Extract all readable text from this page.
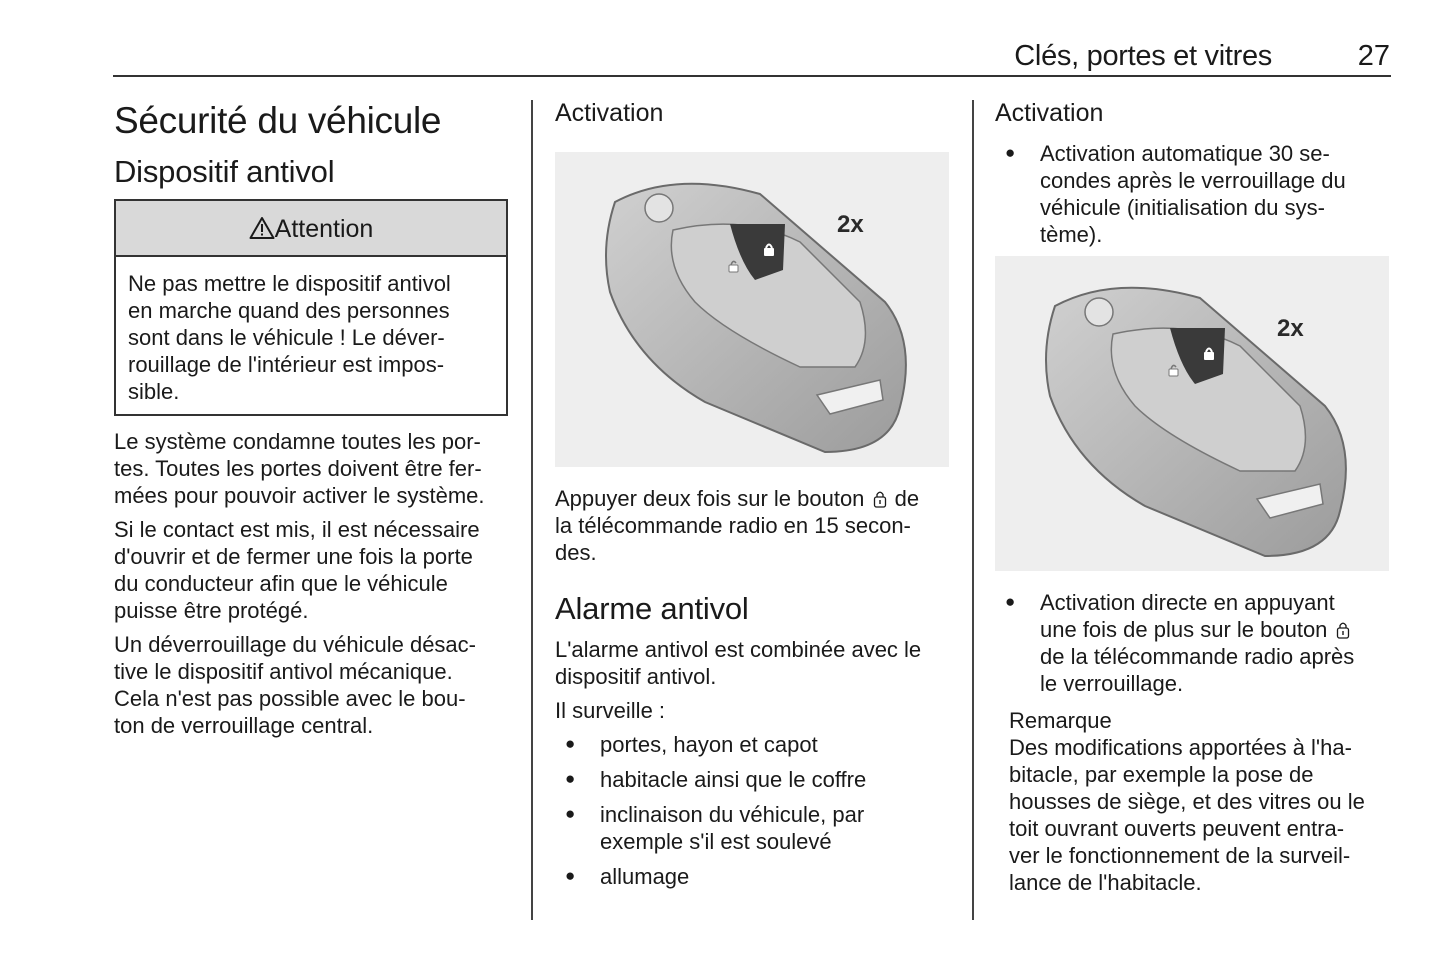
Clés, portes et vitres	27
Sécurité du véhicule
Dispositif antivol
Attention
Ne pas mettre le dispositif antivol
en marche quand des personnes
sont dans le véhicule ! Le déver-
rouillage de l'intérieur est impos-
sible.

Le système condamne toutes les por-
tes. Toutes les portes doivent être fer-
mées pour pouvoir activer le système.

Si le contact est mis, il est nécessaire
d'ouvrir et de fermer une fois la porte
du conducteur afin que le véhicule
puisse être protégé.

Un déverrouillage du véhicule désac-
tive le dispositif antivol mécanique.
Cela n'est pas possible avec le bou-
ton de verrouillage central.

Activation
2x

Appuyer deux fois sur le bouton de
la télécommande radio en 15 secon-
des.

Alarme antivol

L'alarme antivol est combinée avec le
dispositif antivol.

Il surveille :

● portes, hayon et capot
● habitacle ainsi que le coffre
● inclinaison du véhicule, par
exemple s'il est soulevé
● allumage
Activation
● Activation automatique 30 se-
condes après le verrouillage du
véhicule (initialisation du sys-
tème).
2x
● Activation directe en appuyant
une fois de plus sur le bouton
de la télécommande radio après
le verrouillage.
Remarque
Des modifications apportées à l'ha-
bitacle, par exemple la pose de
housses de siège, et des vitres ou le
toit ouvrant ouverts peuvent entra-
ver le fonctionnement de la surveil-
lance de l'habitacle.
